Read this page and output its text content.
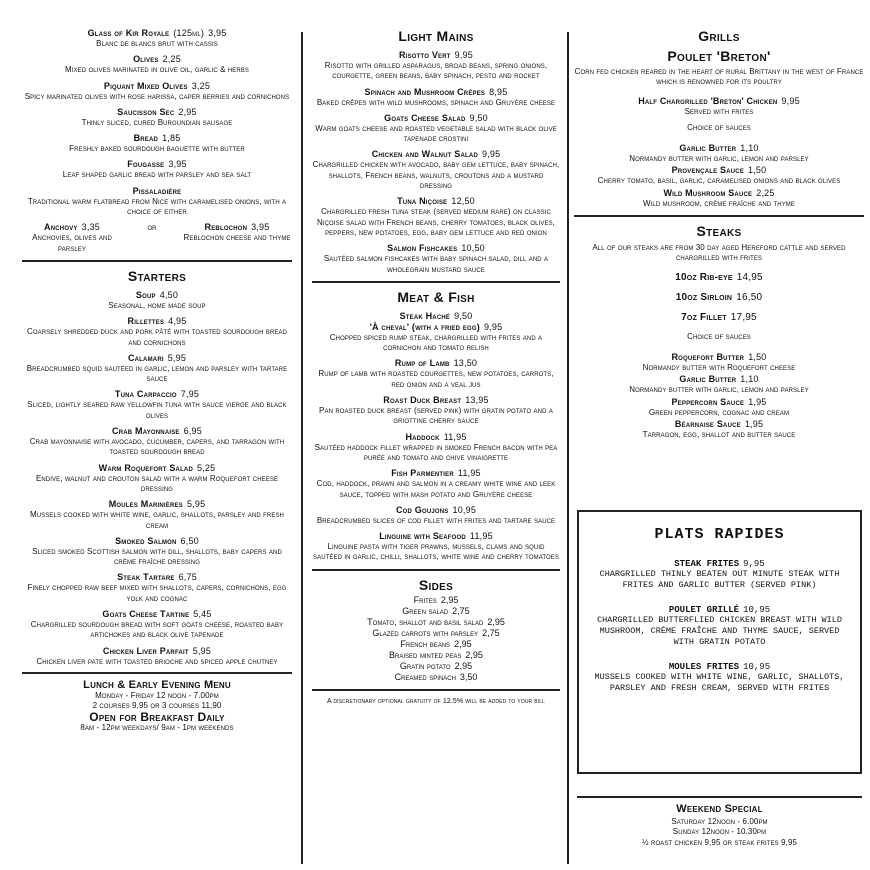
Glass of Kir Royale (125ml) 3,95
Blanc de blancs brut with cassis
Olives 2,25
Mixed olives marinated in olive oil, garlic & herbs
Piquant Mixed Olives 3,25
Spicy marinated olives with rose harissa, caper berries and cornichons
Saucisson Sec 2,95
Thinly sliced, cured Burgundian sausage
Bread 1,85
Freshly baked sourdough baguette with butter
Fougasse 3,95
Leaf shaped garlic bread with parsley and sea salt
Pissaladière
Traditional warm flatbread from Nice with caramelised onions, with a choice of either
Anchovy 3,35
Anchovies, olives and parsley
or	Reblochon 3,95
Reblochon cheese and thyme
Starters
Soup 4,50
Seasonal, home made soup
Rillettes 4,95
Coarsely shredded duck and pork pâté with toasted sourdough bread and cornichons
Calamari 5,95
Breadcrumbed squid sautéed in garlic, lemon and parsley with tartare sauce
Tuna Carpaccio 7,95
Sliced, lightly seared raw yellowfin tuna with sauce vierge and black olives
Crab Mayonnaise 6,95
Crab mayonnaise with avocado, cucumber, capers, and tarragon with toasted sourdough bread
Warm Roquefort Salad 5,25
Endive, walnut and crouton salad with a warm Roquefort cheese dressing
Moules Marinières 5,95
Mussels cooked with white wine, garlic, shallots, parsley and fresh cream
Smoked Salmon 6,50
Sliced smoked Scottish salmon with dill, shallots, baby capers and crème fraîche dressing
Steak Tartare 6,75
Finely chopped raw beef mixed with shallots, capers, cornichons, egg yolk and cognac
Goats Cheese Tartine 5,45
Chargrilled sourdough bread with soft goats cheese, roasted baby artichokes and black olive tapenade
Chicken Liver Parfait 5,95
Chicken liver pate with toasted brioche and spiced apple chutney
Lunch & Early Evening Menu
Monday - Friday 12 noon - 7.00pm
2 courses 9,95 or 3 courses 11,90
Open for Breakfast Daily
8am - 12pm weekdays/ 9am - 1pm weekends
Light Mains
Risotto Vert 9,95
Risotto with grilled asparagus, broad beans, spring onions, courgette, green beans, baby spinach, pesto and rocket
Spinach and Mushroom Crêpes 8,95
Baked crêpes with wild mushrooms, spinach and Gruyère cheese
Goats Cheese Salad 9,50
Warm goats cheese and roasted vegetable salad with black olive tapenade crostini
Chicken and Walnut Salad 9,95
Chargrilled chicken with avocado, baby gem lettuce, baby spinach, shallots, French beans, walnuts, croutons and a mustard dressing
Tuna Niçoise 12,50
Chargrilled fresh tuna steak (served medium rare) on classic Niçoise salad with French beans, cherry tomatoes, black olives, peppers, new potatoes, egg, baby gem lettuce and red onion
Salmon Fishcakes 10,50
Sautéed salmon fishcakes with baby spinach salad, dill and a wholegrain mustard sauce
Meat & Fish
Steak Haché 9,50
'À cheval' (with a fried egg) 9,95
Chopped spiced rump steak, chargrilled with frites and a cornichon and tomato relish
Rump of Lamb 13,50
Rump of lamb with roasted courgettes, new potatoes, carrots, red onion and a veal jus
Roast Duck Breast 13,95
Pan roasted duck breast (served pink) with gratin potato and a griottine cherry sauce
Haddock 11,95
Sautéed haddock fillet wrapped in smoked French bacon with pea purée and tomato and chive vinaigrette
Fish Parmentier 11,95
Cod, haddock, prawn and salmon in a creamy white wine and leek sauce, topped with mash potato and Gruyère cheese
Cod Goujons 10,95
Breadcrumbed slices of cod fillet with frites and tartare sauce
Linguine with Seafood 11,95
Linguine pasta with tiger prawns, mussels, clams and squid sautéed in garlic, chilli, shallots, white wine and cherry tomatoes
Sides
Frites 2,95
Green salad 2,75
Tomato, shallot and basil salad 2,95
Glazed carrots with parsley 2,75
French beans 2,95
Braised minted peas 2,95
Gratin potato 2,95
Creamed spinach 3,50
A discretionary optional gratuity of 12.5% will be added to your bill
Grills
Poulet 'Breton'
Corn fed chicken reared in the heart of rural Brittany in the west of France which is renowned for its poultry
Half Chargrilled 'Breton' Chicken 9,95
Served with frites
Choice of sauces
Garlic Butter 1,10
Normandy butter with garlic, lemon and parsley
Provençale Sauce 1,50
Cherry tomato, basil, garlic, caramelised onions and black olives
Wild Mushroom Sauce 2,25
Wild mushroom, crème fraîche and thyme
Steaks
All of our steaks are from 30 day aged Hereford cattle and served chargrilled with frites
10oz Rib-eye 14,95
10oz Sirloin 16,50
7oz Fillet 17,95
Choice of sauces
Roquefort Butter 1,50
Normandy butter with Roquefort cheese
Garlic Butter 1,10
Normandy butter with garlic, lemon and parsley
Peppercorn Sauce 1,95
Green peppercorn, cognac and cream
Béarnaise Sauce 1,95
Tarragon, egg, shallot and butter sauce
PLATS RAPIDES
STEAK FRITES 9,95
CHARGRILLED THINLY BEATEN OUT MINUTE STEAK WITH FRITES AND GARLIC BUTTER (SERVED PINK)
POULET GRILLÉ 10,95
CHARGRILLED BUTTERFLIED CHICKEN BREAST WITH WILD MUSHROOM, CRÈME FRAÎCHE AND THYME SAUCE, SERVED WITH GRATIN POTATO
MOULES FRITES 10,95
MUSSELS COOKED WITH WHITE WINE, GARLIC, SHALLOTS, PARSLEY AND FRESH CREAM, SERVED WITH FRITES
Weekend Special
Saturday 12noon - 6.00pm
Sunday 12noon - 10.30pm
½ roast chicken 9,95 or steak frites 9,95
